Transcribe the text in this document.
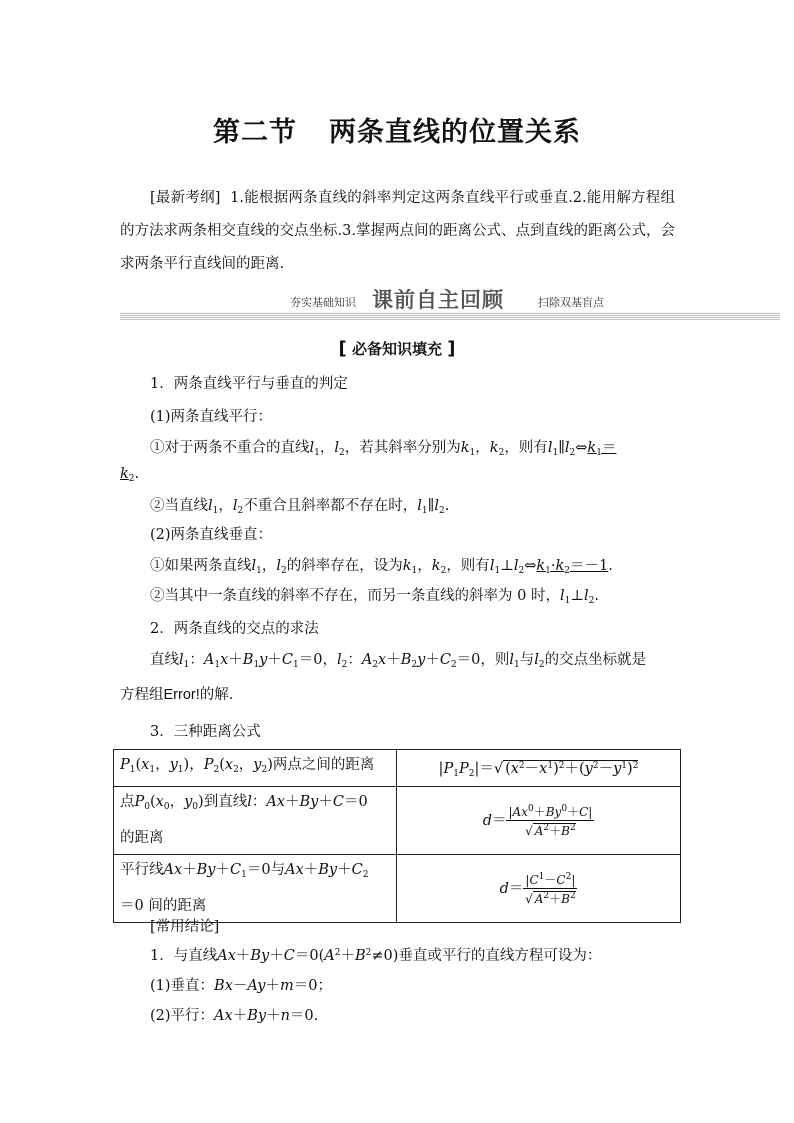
第二节 两条直线的位置关系
[最新考纲] 1.能根据两条直线的斜率判定这两条直线平行或垂直.2.能用解方程组的方法求两条相交直线的交点坐标.3.掌握两点间的距离公式、点到直线的距离公式，会求两条平行直线间的距离.
夯实基础知识 课前自主回顾	扫除双基盲点
[ 必备知识填充 ]
1．两条直线平行与垂直的判定
(1)两条直线平行：
①对于两条不重合的直线$l_1$，$l_2$，若其斜率分别为$k_1$，$k_2$，则有$l_1\parallel l_2\Leftrightarrow k_1=$
$k_2$.
②当直线$l_1$，$l_2$不重合且斜率都不存在时，$l_1\parallel l_2$.
(2)两条直线垂直：
①如果两条直线$l_1$，$l_2$的斜率存在，设为$k_1$，$k_2$，则有$l_1\perp l_2\Leftrightarrow k_1\cdot k_2=-1$.
②当其中一条直线的斜率不存在，而另一条直线的斜率为 0 时，$l_1\perp l_2$.
2．两条直线的交点的求法
直线$l_1$：$A_1x+B_1y+C_1=0$，$l_2$：$A_2x+B_2y+C_2=0$，则$l_1$与$l_2$的交点坐标就是
方程组Error!的解．
3．三种距离公式
$P_1(x_1$，$y_1$)，$P_2(x_2$，$y_2$)两点之间的距离	$|P_1P_2|=√$ $(x^2-x^1)^2+(y^2-y^1)^2$
点$P_0(x_0$，$y_0$)到直线l：Ax＋By＋C＝0
的距离	$d= \frac{|Ax^0+By^0+C|}{√ A^2+B^2}$

平行线$Ax+By+C_1=0$与$Ax+By+C_2$
＝0 间的距离	$d= \frac{|C^1-C^2|}{√ A^2+B^2}$
[常用结论]
1．与直线$Ax+By+C=0(A^2+B^2\ne 0)$垂直或平行的直线方程可设为：
(1)垂直：Bx－Ay＋m＝0；
(2)平行：Ax＋By＋n＝0.
